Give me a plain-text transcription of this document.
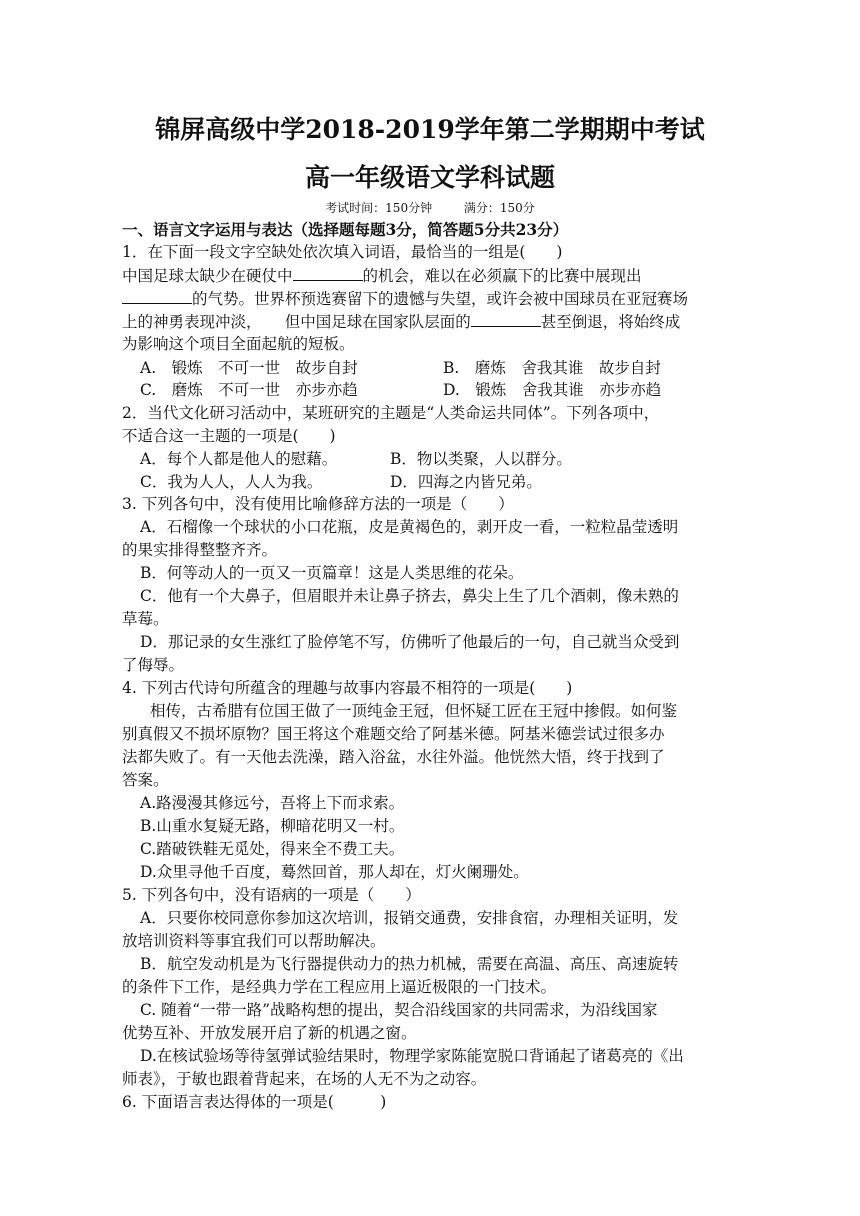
锦屏高级中学2018-2019学年第二学期期中考试
高一年级语文学科试题
考试时间：150分钟	满分：150分
一、语言文字运用与表达（选择题每题3分，简答题5分共23分）
1．在下面一段文字空缺处依次填入词语，最恰当的一组是(　　)
中国足球太缺少在硬仗中	的机会，难以在必须赢下的比赛中展现出
的气势。世界杯预选赛留下的遗憾与失望，或许会被中国球员在亚冠赛场
上的神勇表现冲淡，　　但中国足球在国家队层面的	甚至倒退，将始终成
为影响这个项目全面起航的短板。
A.　锻炼　不可一世　故步自封	B.　磨炼　舍我其谁　故步自封
C.　磨炼　不可一世　亦步亦趋	D.　锻炼　舍我其谁　亦步亦趋
2．当代文化研习活动中，某班研究的主题是“人类命运共同体”。下列各项中，
不适合这一主题的一项是(　　)
A．每个人都是他人的慰藉。	B．物以类聚，人以群分。
C．我为人人，人人为我。	D．四海之内皆兄弟。
3. 下列各句中，没有使用比喻修辞方法的一项是（　　）
A．石榴像一个球状的小口花瓶，皮是黄褐色的，剥开皮一看，一粒粒晶莹透明
的果实排得整整齐齐。
B．何等动人的一页又一页篇章！这是人类思维的花朵。
C．他有一个大鼻子，但眉眼并未让鼻子挤去，鼻尖上生了几个酒刺，像未熟的
草莓。
D．那记录的女生涨红了脸停笔不写，仿佛听了他最后的一句，自己就当众受到
了侮辱。
4. 下列古代诗句所蕴含的理趣与故事内容最不相符的一项是(　　)
相传，古希腊有位国王做了一顶纯金王冠，但怀疑工匠在王冠中掺假。如何鉴
别真假又不损坏原物？国王将这个难题交给了阿基米德。阿基米德尝试过很多办
法都失败了。有一天他去洗澡，踏入浴盆，水往外溢。他恍然大悟，终于找到了
答案。
A.路漫漫其修远兮，吾将上下而求索。
B.山重水复疑无路，柳暗花明又一村。
C.踏破铁鞋无觅处，得来全不费工夫。
D.众里寻他千百度，蓦然回首，那人却在，灯火阑珊处。
5. 下列各句中，没有语病的一项是（　　）
A．只要你校同意你参加这次培训，报销交通费，安排食宿，办理相关证明，发
放培训资料等事宜我们可以帮助解决。
B．航空发动机是为飞行器提供动力的热力机械，需要在高温、高压、高速旋转
的条件下工作，是经典力学在工程应用上逼近极限的一门技术。
C. 随着“一带一路”战略构想的提出，契合沿线国家的共同需求，为沿线国家
优势互补、开放发展开启了新的机遇之窗。
D.在核试验场等待氢弹试验结果时，物理学家陈能宽脱口背诵起了诸葛亮的《出
师表》，于敏也跟着背起来，在场的人无不为之动容。
6. 下面语言表达得体的一项是(　　　)
